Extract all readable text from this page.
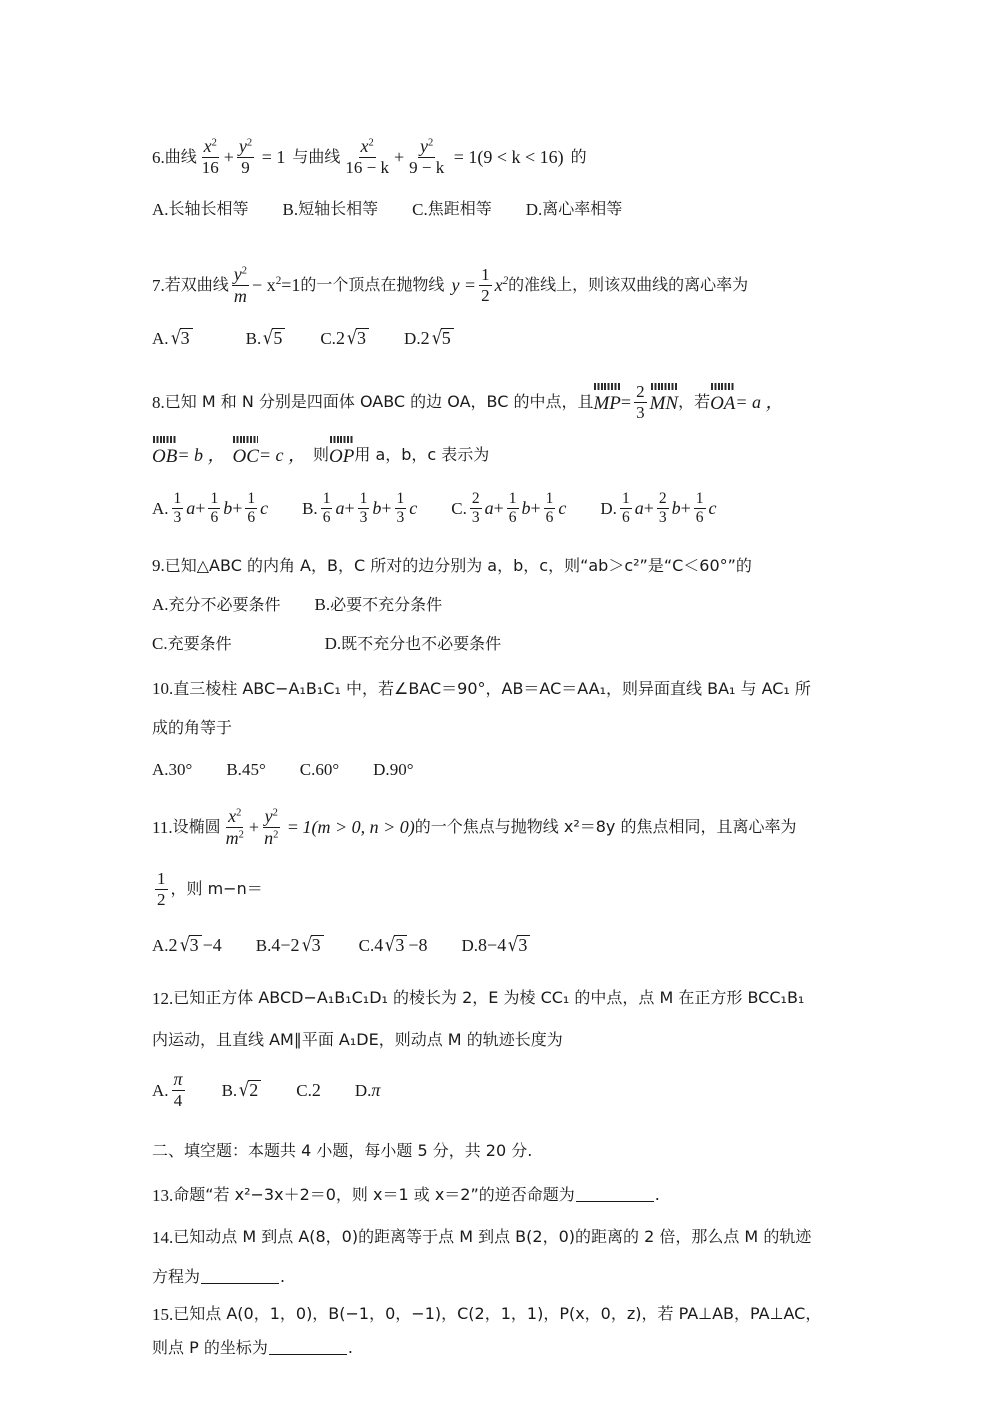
6. 曲线 $\frac{x^2}{16} + \frac{y^2}{9} = 1$ 与曲线 $\frac{x^2}{16 - k} + \frac{y^2}{9 - k} = 1(9 < k < 16)$ 的
A. 长轴长相等 B. 短轴长相等 C. 焦距相等 D. 离心率相等
7. 若双曲线 $\frac{y^2}{m} - x^2 =1$ 的一个顶点在抛物线 $y = \frac{1}{2} x^2$ 的准线上，则该双曲线的离心率为
A. √ 3	B. √ 5 C. 2 √ 3 D. 2 √ 5
8. 已知 M 和 N 分别是四面体 OABC 的边 OA，BC 的中点，且 MP = $\frac{2}{3}$ MN ，若 OA = a ，
OB = b ， OC = c ， 则 OP 用 a，b，c 表示为
A. $\frac{1}{3}$ $a + \frac{1}{6}$ $b + \frac{1}{6}$ c B. $\frac{1}{6}$ $a + \frac{1}{3}$ $b + \frac{1}{3}$ c C. $\frac{2}{3}$ $a + \frac{1}{6}$ $b + \frac{1}{6}$ c D. $\frac{1}{6}$ $a + \frac{2}{3}$ $b + \frac{1}{6}$ c
9. 已知△ABC 的内角 A，B，C 所对的边分别为 a，b，c，则“ab＞c²”是“C＜60°”的
A. 充分不必要条件 B. 必要不充分条件
C. 充要条件	D. 既不充分也不必要条件
10. 直三棱柱 ABC−A₁B₁C₁ 中，若∠BAC＝90°，AB＝AC＝AA₁，则异面直线 BA₁ 与 AC₁ 所
成的角等于
A. 30° B. 45° C. 60° D. 90°
11. 设椭圆 $\frac{x^2}{m^2} + \frac{y^2}{n^2} = 1(m > 0$, n > 0) 的一个焦点与抛物线 x²＝8y 的焦点相同，且离心率为
$\frac{1}{2}$ ，则 m−n＝
A. 2 √ 3 −4 B. 4−2 √ 3 C. 4 √ 3 −8 D. 8−4 √ 3
12. 已知正方体 ABCD−A₁B₁C₁D₁ 的棱长为 2，E 为棱 CC₁ 的中点，点 M 在正方形 BCC₁B₁
内运动，且直线 AM∥平面 A₁DE，则动点 M 的轨迹长度为
A. $\frac{\pi}{4} B$. √ 2 C. 2 D. π
二、填空题：本题共 4 小题，每小题 5 分，共 20 分.
13. 命题“若 x²−3x＋2＝0，则 x＝1 或 x＝2”的逆否命题为	.
14. 已知动点 M 到点 A(8，0)的距离等于点 M 到点 B(2，0)的距离的 2 倍，那么点 M 的轨迹
方程为	.
15. 已知点 A(0，1，0)，B(−1，0，−1)，C(2，1，1)，P(x，0，z)，若 PA⊥AB，PA⊥AC，
则点 P 的坐标为	.
